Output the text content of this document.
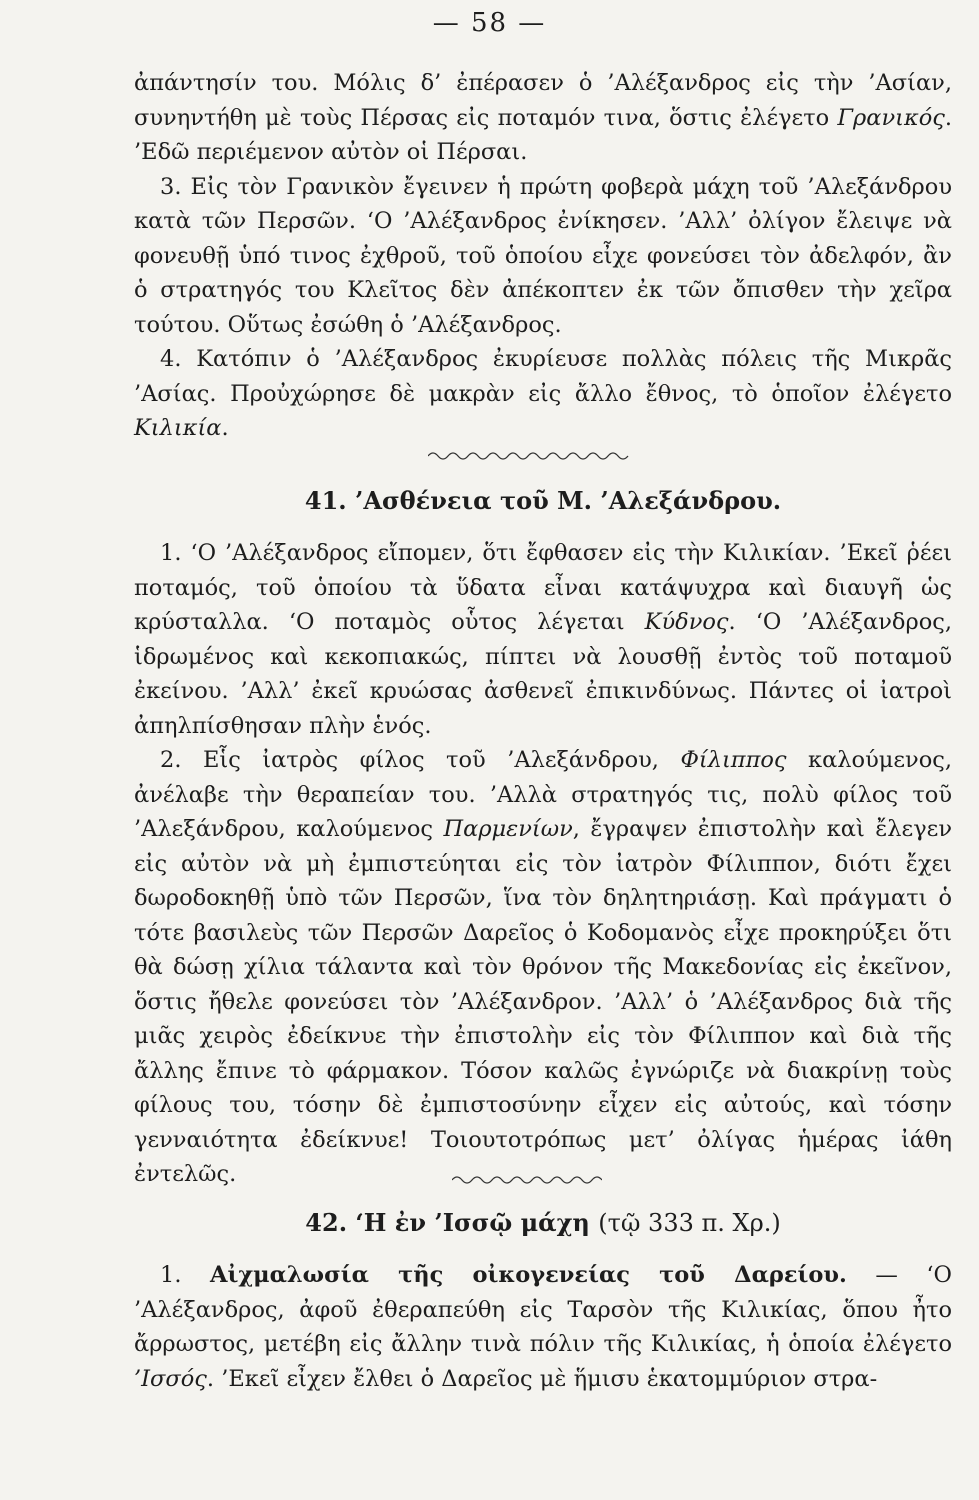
— 58 —

ἀπάντησίν του. Μόλις δ’ ἐπέρασεν ὁ ’Αλέξανδρος εἰς τὴν ’Ασίαν, συνηντήθη μὲ τοὺς Πέρσας εἰς ποταμόν τινα, ὅστις ἐλέγετο Γρανικός. ’Εδῶ περιέμενον αὐτὸν οἱ Πέρσαι.

3. Εἰς τὸν Γρανικὸν ἔγεινεν ἡ πρώτη φοβερὰ μάχη τοῦ ’Αλεξάνδρου κατὰ τῶν Περσῶν. ‘Ο ’Αλέξανδρος ἐνίκησεν. ’Αλλ’ ὀλίγον ἔλειψε νὰ φονευθῇ ὑπό τινος ἐχθροῦ, τοῦ ὁποίου εἶχε φονεύσει τὸν ἀδελφόν, ἂν ὁ στρατηγός του Κλεῖτος δὲν ἀπέκοπτεν ἐκ τῶν ὄπισθεν τὴν χεῖρα τούτου. Οὕτως ἐσώθη ὁ ’Αλέξανδρος.

4. Κατόπιν ὁ ’Αλέξανδρος ἐκυρίευσε πολλὰς πόλεις τῆς Μικρᾶς ’Ασίας. Προὐχώρησε δὲ μακρὰν εἰς ἄλλο ἔθνος, τὸ ὁποῖον ἐλέγετο Κιλικία.

41. ’Ασθένεια τοῦ Μ. ’Αλεξάνδρου.

1. ‘Ο ’Αλέξανδρος εἴπομεν, ὅτι ἔφθασεν εἰς τὴν Κιλικίαν. ’Εκεῖ ῥέει ποταμός, τοῦ ὁποίου τὰ ὕδατα εἶναι κατάψυχρα καὶ διαυγῆ ὡς κρύσταλλα. ‘Ο ποταμὸς οὗτος λέγεται Κύδνος. ‘Ο ’Αλέξανδρος, ἱδρωμένος καὶ κεκοπιακώς, πίπτει νὰ λουσθῇ ἐντὸς τοῦ ποταμοῦ ἐκείνου. ’Αλλ’ ἐκεῖ κρυώσας ἀσθενεῖ ἐπικινδύνως. Πάντες οἱ ἰατροὶ ἀπηλπίσθησαν πλὴν ἑνός.

2. Εἷς ἰατρὸς φίλος τοῦ ’Αλεξάνδρου, Φίλιππος καλούμενος, ἀνέλαβε τὴν θεραπείαν του. ’Αλλὰ στρατηγός τις, πολὺ φίλος τοῦ ’Αλεξάνδρου, καλούμενος Παρμενίων, ἔγραψεν ἐπιστολὴν καὶ ἔλεγεν εἰς αὐτὸν νὰ μὴ ἐμπιστεύηται εἰς τὸν ἰατρὸν Φίλιππον, διότι ἔχει δωροδοκηθῇ ὑπὸ τῶν Περσῶν, ἵνα τὸν δηλητηριάσῃ. Καὶ πράγματι ὁ τότε βασιλεὺς τῶν Περσῶν Δαρεῖος ὁ Κοδομανὸς εἶχε προκηρύξει ὅτι θὰ δώσῃ χίλια τάλαντα καὶ τὸν θρόνον τῆς Μακεδονίας εἰς ἐκεῖνον, ὅστις ἤθελε φονεύσει τὸν ’Αλέξανδρον. ’Αλλ’ ὁ ’Αλέξανδρος διὰ τῆς μιᾶς χειρὸς ἐδείκνυε τὴν ἐπιστολὴν εἰς τὸν Φίλιππον καὶ διὰ τῆς ἄλλης ἔπινε τὸ φάρμακον. Τόσον καλῶς ἐγνώριζε νὰ διακρίνῃ τοὺς φίλους του, τόσην δὲ ἐμπιστοσύνην εἶχεν εἰς αὐτούς, καὶ τόσην γενναιότητα ἐδείκνυε! Τοιουτοτρόπως μετ’ ὀλίγας ἡμέρας ἰάθη ἐντελῶς.

42. ‘Η ἐν ’Ισσῷ μάχη (τῷ 333 π. Χρ.)

1. Αἰχμαλωσία τῆς οἰκογενείας τοῦ Δαρείου. — ‘Ο ’Αλέξανδρος, ἀφοῦ ἐθεραπεύθη εἰς Ταρσὸν τῆς Κιλικίας, ὅπου ἦτο ἄρρωστος, μετέβη εἰς ἄλλην τινὰ πόλιν τῆς Κιλικίας, ἡ ὁποία ἐλέγετο ’Ισσός. ’Εκεῖ εἶχεν ἔλθει ὁ Δαρεῖος μὲ ἥμισυ ἑκατομμύριον στρα-
